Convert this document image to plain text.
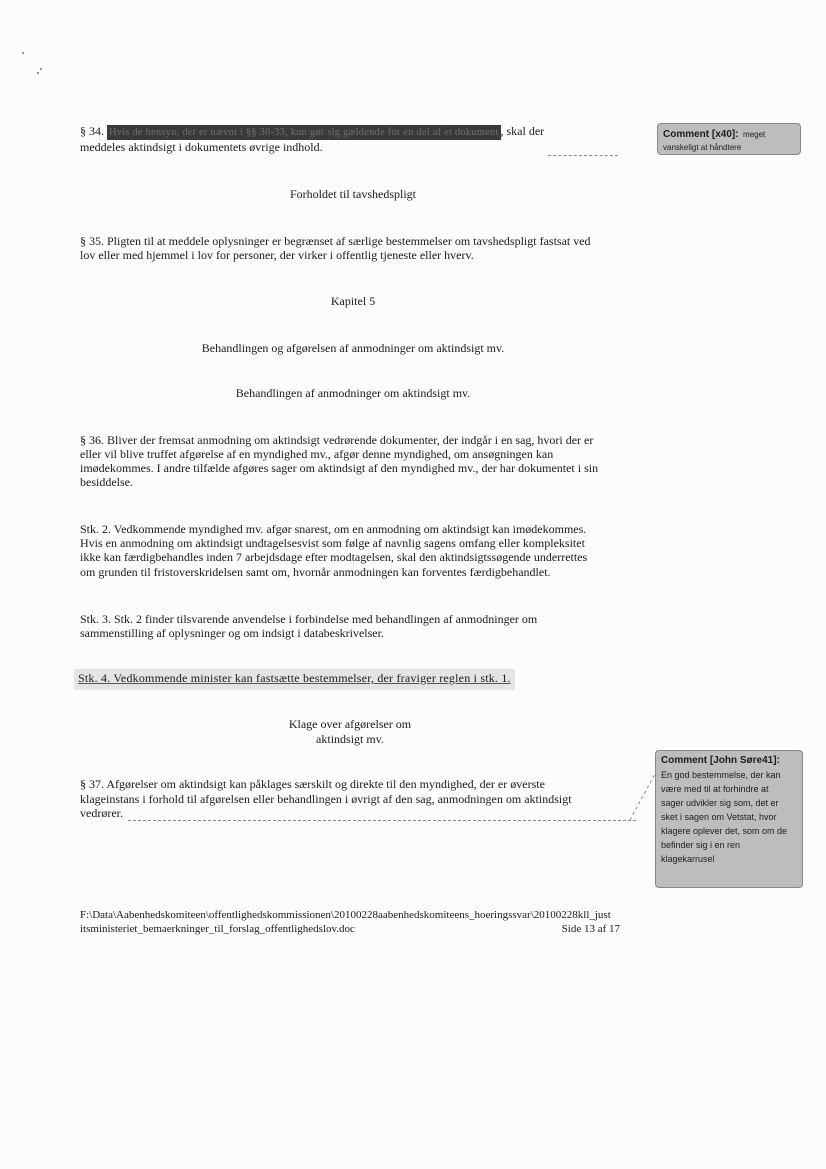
§ 34. Hvis de hensyn, der er nævnt i §§ 30-33, kun gør sig gældende for en del af et dokument , skal der
meddeles aktindsigt i dokumentets øvrige indhold.
Comment [x40]: meget
vanskeligt at håndtere
Forholdet til tavshedspligt
§ 35. Pligten til at meddele oplysninger er begrænset af særlige bestemmelser om tavshedspligt fastsat ved
lov eller med hjemmel i lov for personer, der virker i offentlig tjeneste eller hverv.
Kapitel 5
Behandlingen og afgørelsen af anmodninger om aktindsigt mv.
Behandlingen af anmodninger om aktindsigt mv.
§ 36. Bliver der fremsat anmodning om aktindsigt vedrørende dokumenter, der indgår i en sag, hvori der er
eller vil blive truffet afgørelse af en myndighed mv., afgør denne myndighed, om ansøgningen kan
imødekommes. I andre tilfælde afgøres sager om aktindsigt af den myndighed mv., der har dokumentet i sin
besiddelse.
Stk. 2. Vedkommende myndighed mv. afgør snarest, om en anmodning om aktindsigt kan imødekommes.
Hvis en anmodning om aktindsigt undtagelsesvist som følge af navnlig sagens omfang eller kompleksitet
ikke kan færdigbehandles inden 7 arbejdsdage efter modtagelsen, skal den aktindsigtssøgende underrettes
om grunden til fristoverskridelsen samt om, hvornår anmodningen kan forventes færdigbehandlet.
Stk. 3. Stk. 2 finder tilsvarende anvendelse i forbindelse med behandlingen af anmodninger om
sammenstilling af oplysninger og om indsigt i databeskrivelser.
Stk. 4. Vedkommende minister kan fastsætte bestemmelser, der fraviger reglen i stk. 1.
Klage over afgørelser om
aktindsigt mv.
§ 37. Afgørelser om aktindsigt kan påklages særskilt og direkte til den myndighed, der er øverste
klageinstans i forhold til afgørelsen eller behandlingen i øvrigt af den sag, anmodningen om aktindsigt
vedrører.
Comment [John Søre41]:
En god bestemmelse, der kan
være med til at forhindre at
sager udvikler sig som, det er
sket i sagen om Vetstat, hvor
klagere oplever det, som om de
befinder sig i en ren
klagekarrusel
F:\Data\Aabenhedskomiteen\offentlighedskommissionen\20100228aabenhedskomiteens_hoeringssvar\20100228kll_just
itsministeriet_bemaerkninger_til_forslag_offentlighedslov.doc	Side 13 af 17
